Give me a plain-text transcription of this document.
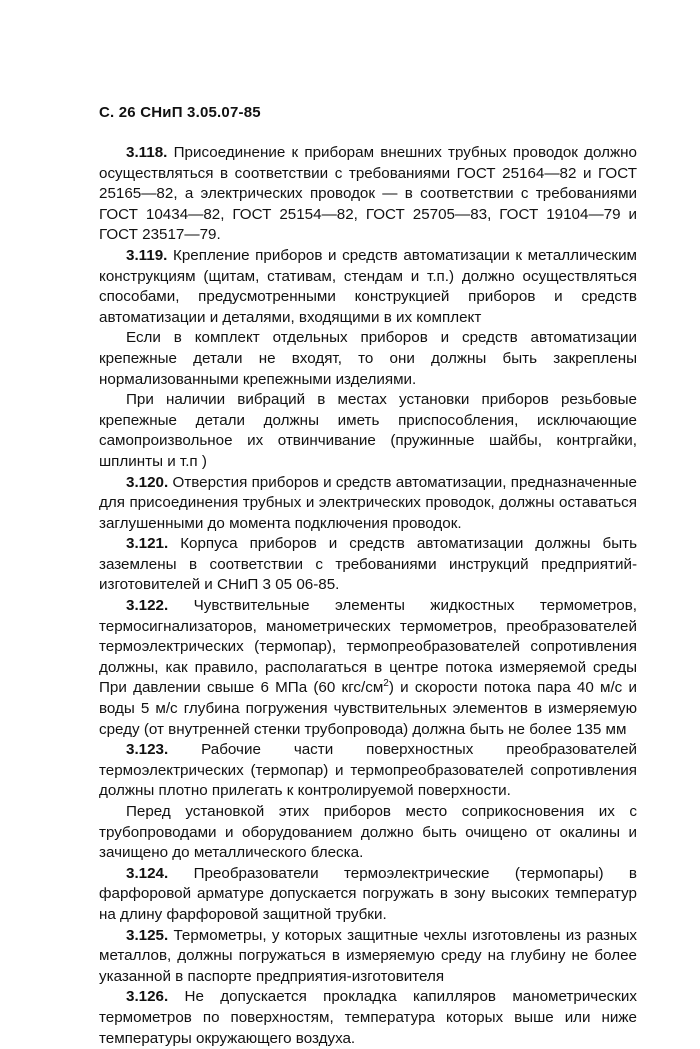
С. 26 СНиП 3.05.07-85

3.118. Присоединение к приборам внешних трубных проводок должно осуществляться в соответствии с требованиями ГОСТ 25164—82 и ГОСТ 25165—82, а электрических проводок — в соответствии с требованиями ГОСТ 10434—82, ГОСТ 25154—82, ГОСТ 25705—83, ГОСТ 19104—79 и ГОСТ 23517—79.

3.119. Крепление приборов и средств автоматизации к металлическим конструкциям (щитам, стативам, стендам и т.п.) должно осуществляться способами, предусмотренными конструкцией приборов и средств автоматизации и деталями, входящими в их комплект

Если в комплект отдельных приборов и средств автоматизации крепежные детали не входят, то они должны быть закреплены нормализованными крепежными изделиями.

При наличии вибраций в местах установки приборов резьбовые крепежные детали должны иметь приспособления, исключающие самопроизвольное их отвинчивание (пружинные шайбы, контргайки, шплинты и т.п )

3.120. Отверстия приборов и средств автоматизации, предназначенные для присоединения трубных и электрических проводок, должны оставаться заглушенными до момента подключения проводок.

3.121. Корпуса приборов и средств автоматизации должны быть заземлены в соответствии с требованиями инструкций предприятий-изготовителей и СНиП 3 05 06-85.

3.122. Чувствительные элементы жидкостных термометров, термосигнализаторов, манометрических термометров, преобразователей термоэлектрических (термопар), термопреобразователей сопротивления должны, как правило, располагаться в центре потока измеряемой среды При давлении свыше 6 МПа (60 кгс/$см^2$) и скорости потока пара 40 м/с и воды 5 м/с глубина погружения чувствительных элементов в измеряемую среду (от внутренней стенки трубопровода) должна быть не более 135 мм

3.123. Рабочие части поверхностных преобразователей термоэлектрических (термопар) и термопреобразователей сопротивления должны плотно прилегать к контролируемой поверхности.

Перед установкой этих приборов место соприкосновения их с трубопроводами и оборудованием должно быть очищено от окалины и зачищено до металлического блеска.

3.124. Преобразователи термоэлектрические (термопары) в фарфоровой арматуре допускается погружать в зону высоких температур на длину фарфоровой защитной трубки.

3.125. Термометры, у которых защитные чехлы изготовлены из разных металлов, должны погружаться в измеряемую среду на глубину не более указанной в паспорте предприятия-изготовителя

3.126. Не допускается прокладка капилляров манометрических термометров по поверхностям, температура которых выше или ниже температуры окружающего воздуха.
